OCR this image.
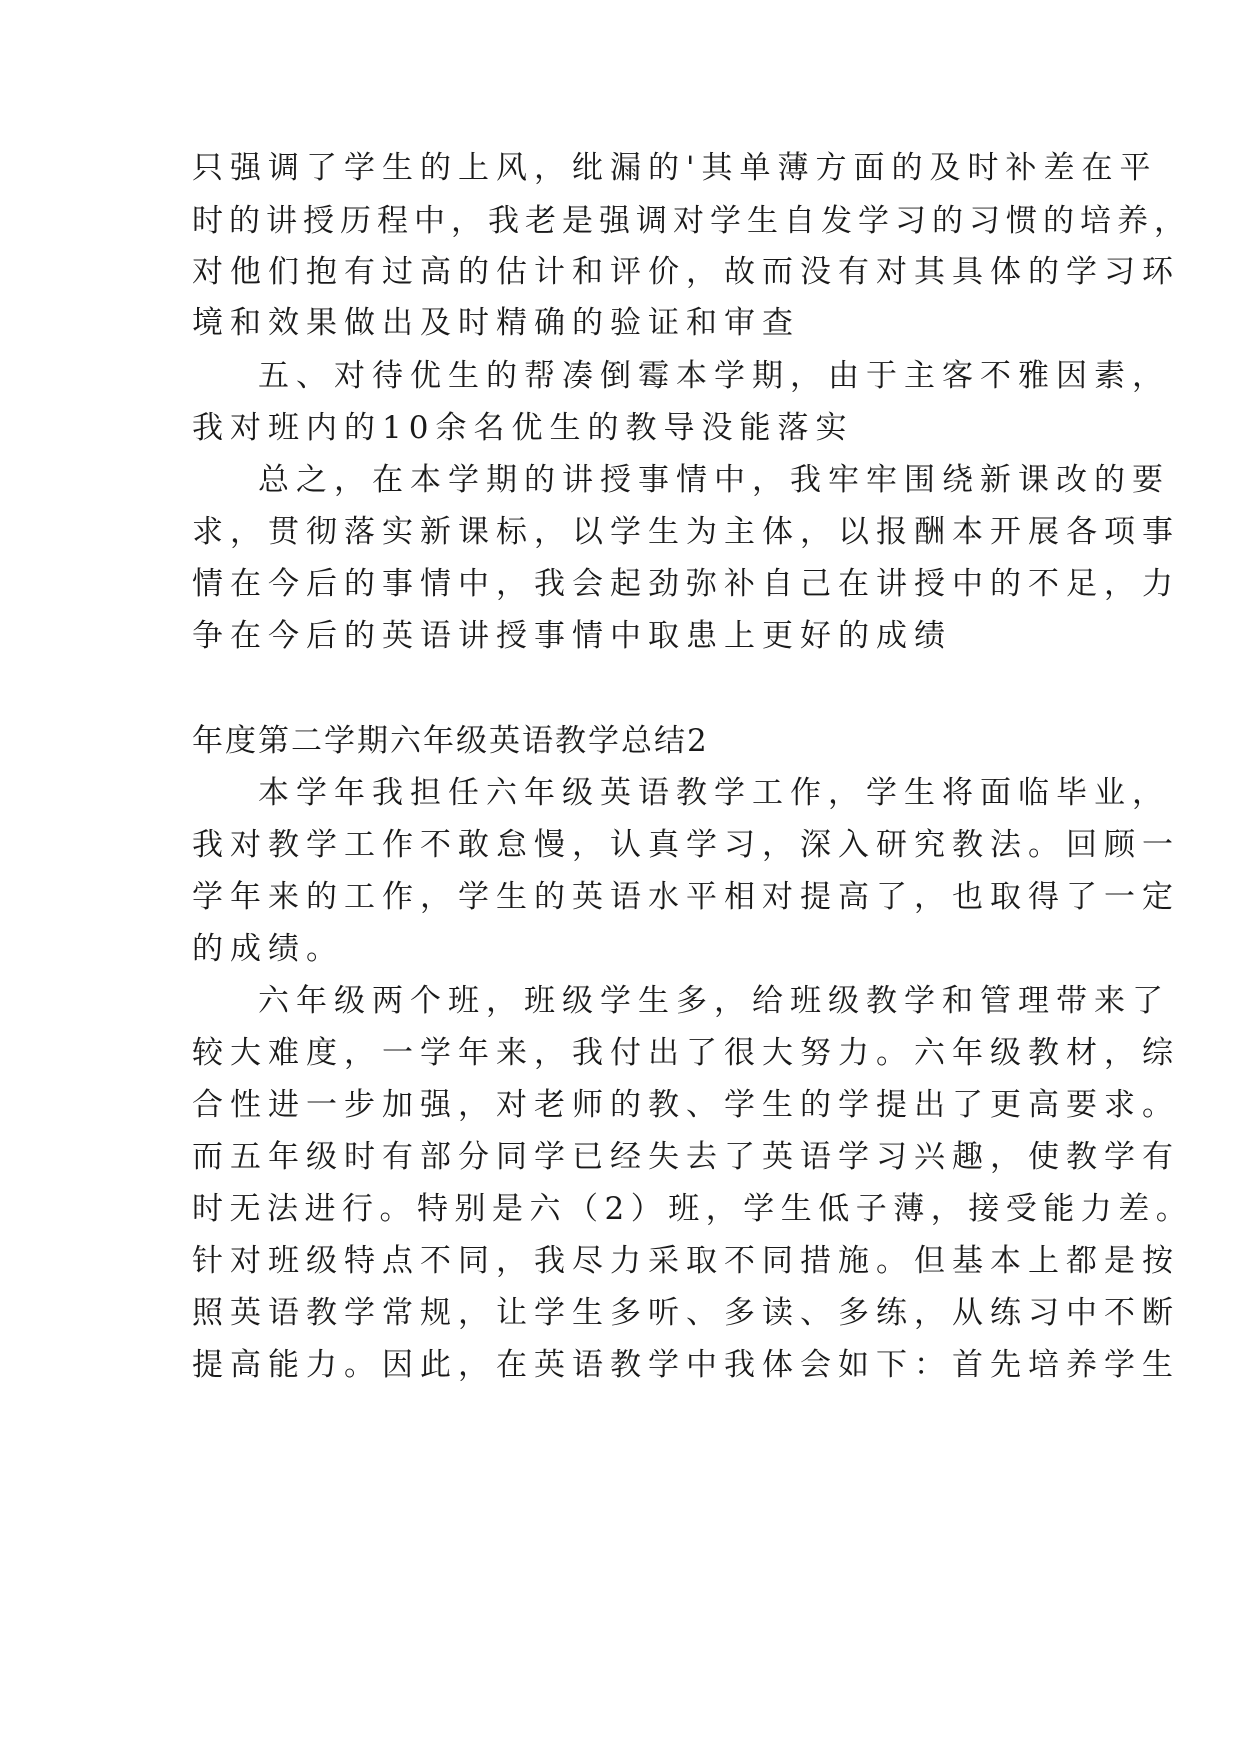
只强调了学生的上风，纰漏的'其单薄方面的及时补差在平
时的讲授历程中，我老是强调对学生自发学习的习惯的培养，
对他们抱有过高的估计和评价，故而没有对其具体的学习环
境和效果做出及时精确的验证和审查
五、对待优生的帮凑倒霉本学期，由于主客不雅因素，
我对班内的10余名优生的教导没能落实
总之，在本学期的讲授事情中，我牢牢围绕新课改的要
求，贯彻落实新课标，以学生为主体，以报酬本开展各项事
情在今后的事情中，我会起劲弥补自己在讲授中的不足，力
争在今后的英语讲授事情中取患上更好的成绩
年度第二学期六年级英语教学总结2
本学年我担任六年级英语教学工作，学生将面临毕业，
我对教学工作不敢怠慢，认真学习，深入研究教法。回顾一
学年来的工作，学生的英语水平相对提高了，也取得了一定
的成绩。
六年级两个班，班级学生多，给班级教学和管理带来了
较大难度，一学年来，我付出了很大努力。六年级教材，综
合性进一步加强，对老师的教、学生的学提出了更高要求。
而五年级时有部分同学已经失去了英语学习兴趣，使教学有
时无法进行。特别是六（2）班，学生低子薄，接受能力差。
针对班级特点不同，我尽力采取不同措施。但基本上都是按
照英语教学常规，让学生多听、多读、多练，从练习中不断
提高能力。因此，在英语教学中我体会如下：首先培养学生
